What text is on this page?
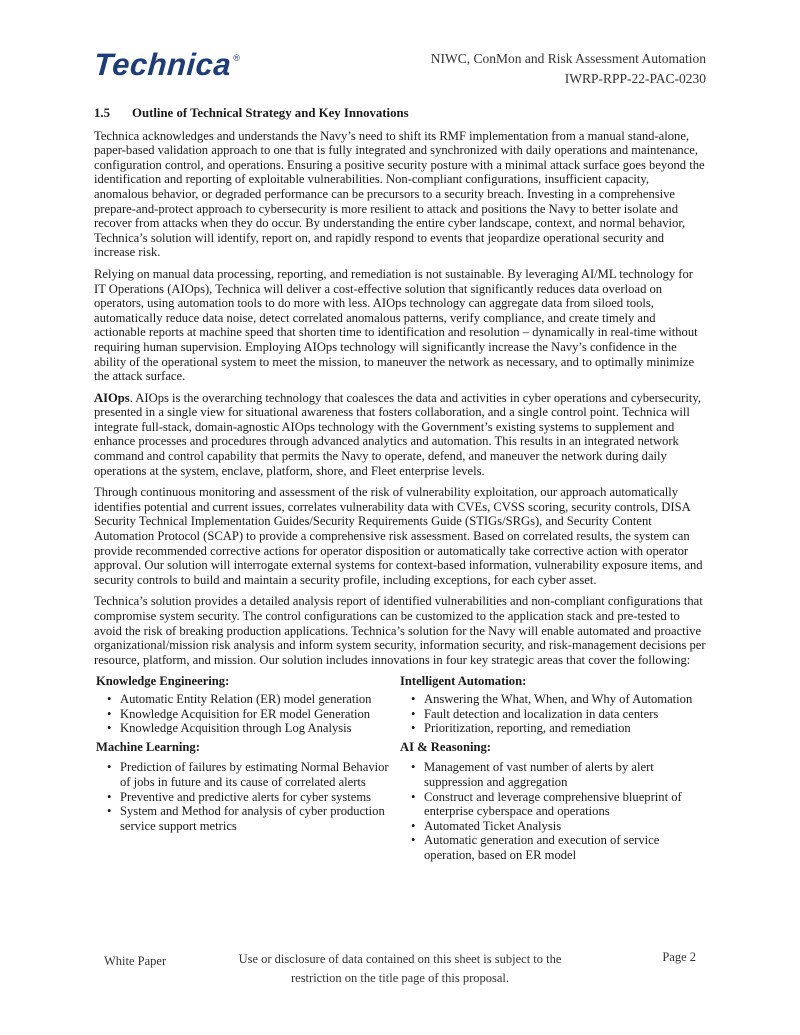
Technica ®	NIWC, ConMon and Risk Assessment Automation
IWRP-RPP-22-PAC-0230
1.5	Outline of Technical Strategy and Key Innovations

Technica acknowledges and understands the Navy’s need to shift its RMF implementation from a manual stand-alone, paper-based validation approach to one that is fully integrated and synchronized with daily operations and maintenance, configuration control, and operations. Ensuring a positive security posture with a minimal attack surface goes beyond the identification and reporting of exploitable vulnerabilities. Non-compliant configurations, insufficient capacity, anomalous behavior, or degraded performance can be precursors to a security breach. Investing in a comprehensive prepare-and-protect approach to cybersecurity is more resilient to attack and positions the Navy to better isolate and recover from attacks when they do occur. By understanding the entire cyber landscape, context, and normal behavior, Technica’s solution will identify, report on, and rapidly respond to events that jeopardize operational security and increase risk.

Relying on manual data processing, reporting, and remediation is not sustainable. By leveraging AI/ML technology for IT Operations (AIOps), Technica will deliver a cost-effective solution that significantly reduces data overload on operators, using automation tools to do more with less. AIOps technology can aggregate data from siloed tools, automatically reduce data noise, detect correlated anomalous patterns, verify compliance, and create timely and actionable reports at machine speed that shorten time to identification and resolution – dynamically in real-time without requiring human supervision. Employing AIOps technology will significantly increase the Navy’s confidence in the ability of the operational system to meet the mission, to maneuver the network as necessary, and to optimally minimize the attack surface.

AIOps. AIOps is the overarching technology that coalesces the data and activities in cyber operations and cybersecurity, presented in a single view for situational awareness that fosters collaboration, and a single control point. Technica will integrate full-stack, domain-agnostic AIOps technology with the Government’s existing systems to supplement and enhance processes and procedures through advanced analytics and automation. This results in an integrated network command and control capability that permits the Navy to operate, defend, and maneuver the network during daily operations at the system, enclave, platform, shore, and Fleet enterprise levels.

Through continuous monitoring and assessment of the risk of vulnerability exploitation, our approach automatically identifies potential and current issues, correlates vulnerability data with CVEs, CVSS scoring, security controls, DISA Security Technical Implementation Guides/Security Requirements Guide (STIGs/SRGs), and Security Content Automation Protocol (SCAP) to provide a comprehensive risk assessment. Based on correlated results, the system can provide recommended corrective actions for operator disposition or automatically take corrective action with operator approval. Our solution will interrogate external systems for context-based information, vulnerability exposure items, and security controls to build and maintain a security profile, including exceptions, for each cyber asset.

Technica’s solution provides a detailed analysis report of identified vulnerabilities and non-compliant configurations that compromise system security. The control configurations can be customized to the application stack and pre-tested to avoid the risk of breaking production applications. Technica’s solution for the Navy will enable automated and proactive organizational/mission risk analysis and inform system security, information security, and risk-management decisions per resource, platform, and mission. Our solution includes innovations in four key strategic areas that cover the following:

Knowledge Engineering:
• Automatic Entity Relation (ER) model generation
• Knowledge Acquisition for ER model Generation
• Knowledge Acquisition through Log Analysis
Machine Learning:
• Prediction of failures by estimating Normal Behavior of jobs in future and its cause of correlated alerts
• Preventive and predictive alerts for cyber systems
• System and Method for analysis of cyber production service support metrics
Intelligent Automation:
• Answering the What, When, and Why of Automation
• Fault detection and localization in data centers
• Prioritization, reporting, and remediation
AI & Reasoning:
• Management of vast number of alerts by alert suppression and aggregation
• Construct and leverage comprehensive blueprint of enterprise cyberspace and operations
• Automated Ticket Analysis
• Automatic generation and execution of service operation, based on ER model
White Paper	Use or disclosure of data contained on this sheet is subject to the
restriction on the title page of this proposal.
Page 2
